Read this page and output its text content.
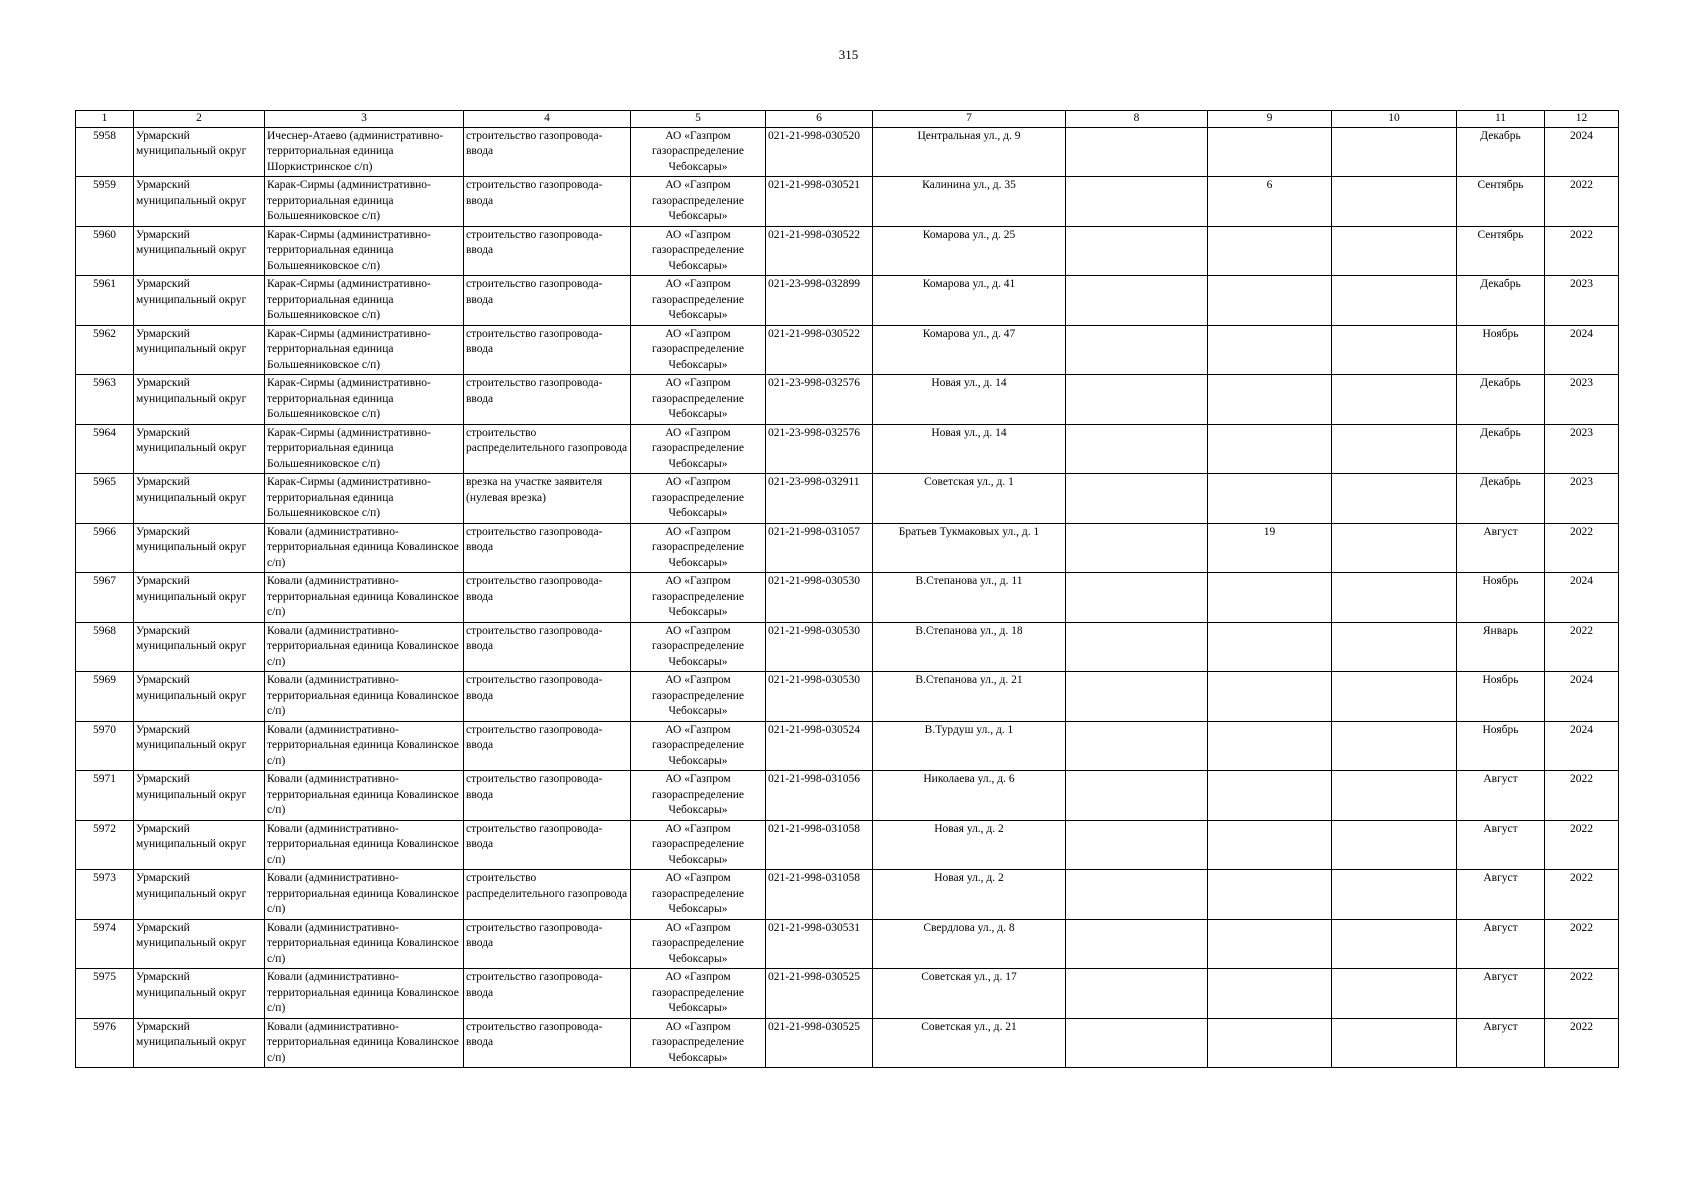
315
1	2	3	4	5	6	7	8	9	10	11	12
5958	Урмарский муниципальный округ	Ичеснер-Атаево (административно-территориальная единица Шоркистринское с/п)	строительство газопровода-ввода	АО «Газпром газораспределение Чебоксары»	021-21-998-030520	Центральная ул., д. 9				Декабрь	2024
5959	Урмарский муниципальный округ	Карак-Сирмы (административно-территориальная единица Большеяниковское с/п)	строительство газопровода-ввода	АО «Газпром газораспределение Чебоксары»	021-21-998-030521	Калинина ул., д. 35		6		Сентябрь	2022
5960	Урмарский муниципальный округ	Карак-Сирмы (административно-территориальная единица Большеяниковское с/п)	строительство газопровода-ввода	АО «Газпром газораспределение Чебоксары»	021-21-998-030522	Комарова ул., д. 25				Сентябрь	2022
5961	Урмарский муниципальный округ	Карак-Сирмы (административно-территориальная единица Большеяниковское с/п)	строительство газопровода-ввода	АО «Газпром газораспределение Чебоксары»	021-23-998-032899	Комарова ул., д. 41				Декабрь	2023
5962	Урмарский муниципальный округ	Карак-Сирмы (административно-территориальная единица Большеяниковское с/п)	строительство газопровода-ввода	АО «Газпром газораспределение Чебоксары»	021-21-998-030522	Комарова ул., д. 47				Ноябрь	2024
5963	Урмарский муниципальный округ	Карак-Сирмы (административно-территориальная единица Большеяниковское с/п)	строительство газопровода-ввода	АО «Газпром газораспределение Чебоксары»	021-23-998-032576	Новая ул., д. 14				Декабрь	2023
5964	Урмарский муниципальный округ	Карак-Сирмы (административно-территориальная единица Большеяниковское с/п)	строительство распределительного газопровода	АО «Газпром газораспределение Чебоксары»	021-23-998-032576	Новая ул., д. 14				Декабрь	2023
5965	Урмарский муниципальный округ	Карак-Сирмы (административно-территориальная единица Большеяниковское с/п)	врезка на участке заявителя (нулевая врезка)	АО «Газпром газораспределение Чебоксары»	021-23-998-032911	Советская ул., д. 1				Декабрь	2023
5966	Урмарский муниципальный округ	Ковали (административно-территориальная единица Ковалинское с/п)	строительство газопровода-ввода	АО «Газпром газораспределение Чебоксары»	021-21-998-031057	Братьев Тукмаковых ул., д. 1		19		Август	2022
5967	Урмарский муниципальный округ	Ковали (административно-территориальная единица Ковалинское с/п)	строительство газопровода-ввода	АО «Газпром газораспределение Чебоксары»	021-21-998-030530	В.Степанова ул., д. 11				Ноябрь	2024
5968	Урмарский муниципальный округ	Ковали (административно-территориальная единица Ковалинское с/п)	строительство газопровода-ввода	АО «Газпром газораспределение Чебоксары»	021-21-998-030530	В.Степанова ул., д. 18				Январь	2022
5969	Урмарский муниципальный округ	Ковали (административно-территориальная единица Ковалинское с/п)	строительство газопровода-ввода	АО «Газпром газораспределение Чебоксары»	021-21-998-030530	В.Степанова ул., д. 21				Ноябрь	2024
5970	Урмарский муниципальный округ	Ковали (административно-территориальная единица Ковалинское с/п)	строительство газопровода-ввода	АО «Газпром газораспределение Чебоксары»	021-21-998-030524	В.Турдуш ул., д. 1				Ноябрь	2024
5971	Урмарский муниципальный округ	Ковали (административно-территориальная единица Ковалинское с/п)	строительство газопровода-ввода	АО «Газпром газораспределение Чебоксары»	021-21-998-031056	Николаева ул., д. 6				Август	2022
5972	Урмарский муниципальный округ	Ковали (административно-территориальная единица Ковалинское с/п)	строительство газопровода-ввода	АО «Газпром газораспределение Чебоксары»	021-21-998-031058	Новая ул., д. 2				Август	2022
5973	Урмарский муниципальный округ	Ковали (административно-территориальная единица Ковалинское с/п)	строительство распределительного газопровода	АО «Газпром газораспределение Чебоксары»	021-21-998-031058	Новая ул., д. 2				Август	2022
5974	Урмарский муниципальный округ	Ковали (административно-территориальная единица Ковалинское с/п)	строительство газопровода-ввода	АО «Газпром газораспределение Чебоксары»	021-21-998-030531	Свердлова ул., д. 8				Август	2022
5975	Урмарский муниципальный округ	Ковали (административно-территориальная единица Ковалинское с/п)	строительство газопровода-ввода	АО «Газпром газораспределение Чебоксары»	021-21-998-030525	Советская ул., д. 17				Август	2022
5976	Урмарский муниципальный округ	Ковали (административно-территориальная единица Ковалинское с/п)	строительство газопровода-ввода	АО «Газпром газораспределение Чебоксары»	021-21-998-030525	Советская ул., д. 21				Август	2022
